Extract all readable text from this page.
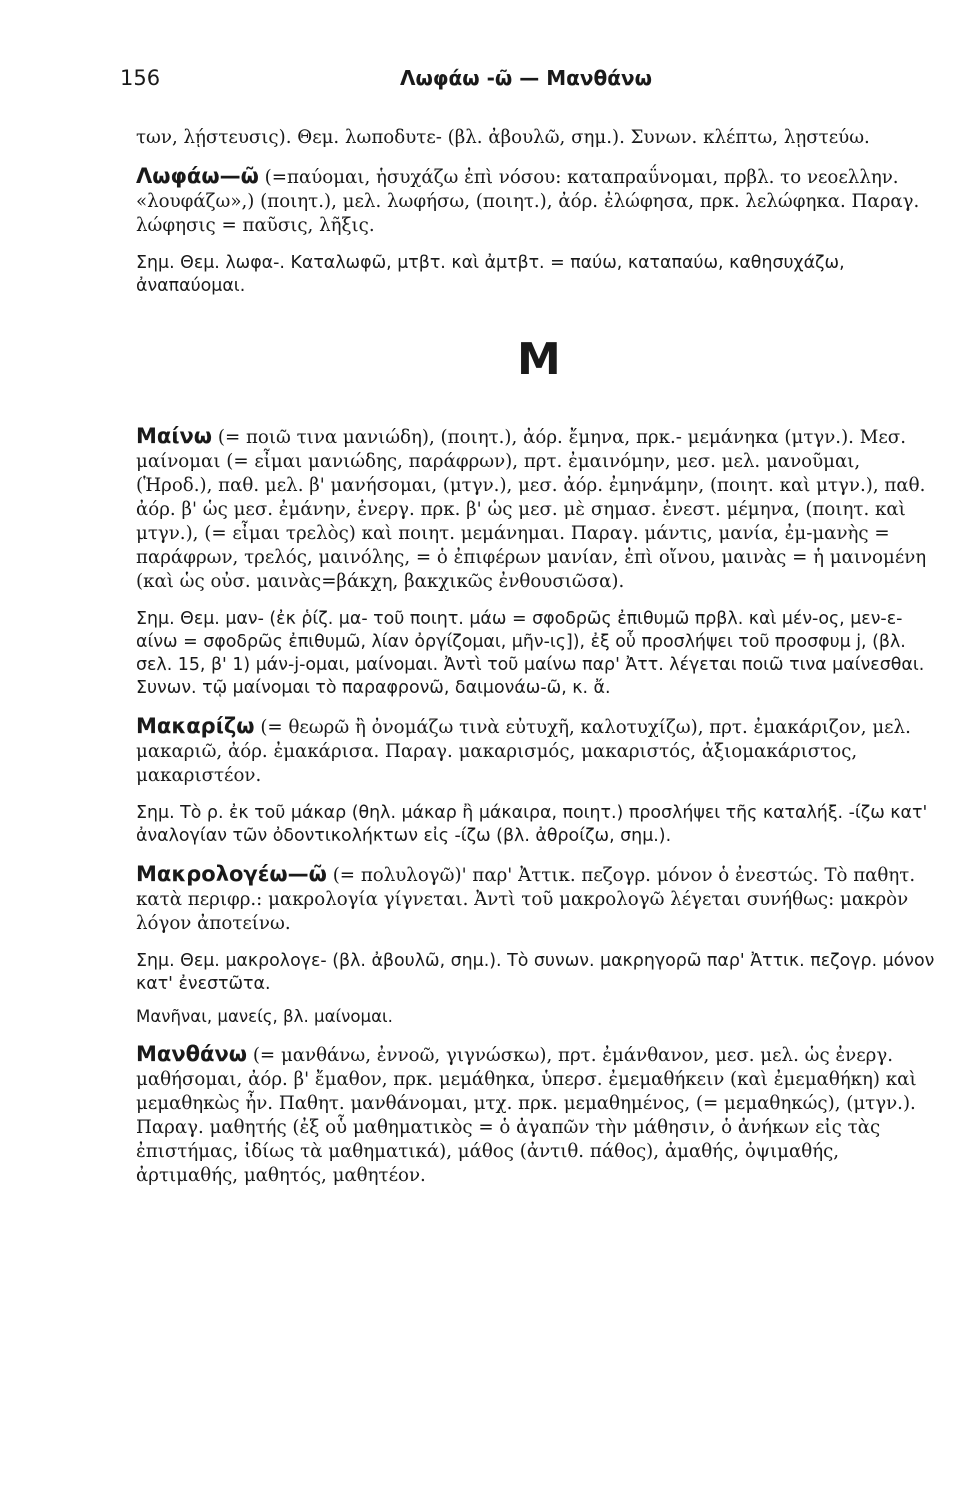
156	Λωφάω -ῶ — Μανθάνω

των, λῄστευσις). Θεμ. λωποδυτε- (βλ. ἀβουλῶ, σημ.). Συνων. κλέπτω, λῃστεύω.

Λωφάω—ῶ (=παύομαι, ἡσυχάζω ἐπὶ νόσου: καταπραΰνομαι, πρβλ. το νεοελλην. «λουφάζω»,) (ποιητ.), μελ. λωφήσω, (ποιητ.), ἀόρ. ἐλώφησα, πρκ. λελώφηκα. Παραγ. λώφησις = παῦσις, λῆξις.

Σημ. Θεμ. λωφα-. Καταλωφῶ, μτβτ. καὶ ἀμτβτ. = παύω, καταπαύω, καθησυχάζω, ἀναπαύομαι.

M

Μαίνω (= ποιῶ τινα μανιώδη), (ποιητ.), ἀόρ. ἔμηνα, πρκ.- μεμάνηκα (μτγν.). Μεσ. μαίνομαι (= εἶμαι μανιώδης, παράφρων), πρτ. ἐμαινόμην, μεσ. μελ. μανοῦμαι, (Ἡροδ.), παθ. μελ. β' μανήσομαι, (μτγν.), μεσ. ἀόρ. ἐμηνάμην, (ποιητ. καὶ μτγν.), παθ. ἀόρ. β' ὡς μεσ. ἐμάνην, ἐνεργ. πρκ. β' ὡς μεσ. μὲ σημασ. ἐνεστ. μέμηνα, (ποιητ. καὶ μτγν.), (= εἶμαι τρελὸς) καὶ ποιητ. μεμάνημαι. Παραγ. μάντις, μανία, ἐμ-μανὴς = παράφρων, τρελός, μαινόλης, = ὁ ἐπιφέρων μανίαν, ἐπὶ οἴνου, μαινὰς = ἡ μαινομένη (καὶ ὡς οὐσ. μαινὰς=βάκχη, βακχικῶς ἐνθουσιῶσα).

Σημ. Θεμ. μαν- (ἐκ ῥίζ. μα- τοῦ ποιητ. μάω = σφοδρῶς ἐπιθυμῶ πρβλ. καὶ μέν-ος, μεν-ε-αίνω = σφοδρῶς ἐπιθυμῶ, λίαν ὀργίζομαι, μῆν-ις]), ἐξ οὗ προσλήψει τοῦ προσφυμ j, (βλ. σελ. 15, β' 1) μάν-j-ομαι, μαίνομαι. Ἀντὶ τοῦ μαίνω παρ' Ἀττ. λέγεται ποιῶ τινα μαίνεσθαι. Συνων. τῷ μαίνομαι τὸ παραφρονῶ, δαιμονάω-ῶ, κ. ἄ.

Μακαρίζω (= θεωρῶ ἢ ὀνομάζω τινὰ εὐτυχῆ, καλοτυχίζω), πρτ. ἐμακάριζον, μελ. μακαριῶ, ἀόρ. ἐμακάρισα. Παραγ. μακαρισμός, μακαριστός, ἀξιομακάριστος, μακαριστέον.

Σημ. Τὸ ρ. ἐκ τοῦ μάκαρ (θηλ. μάκαρ ἢ μάκαιρα, ποιητ.) προσλήψει τῆς καταλήξ. -ίζω κατ' ἀναλογίαν τῶν ὀδοντικολήκτων εἰς -ίζω (βλ. ἀθροίζω, σημ.).

Μακρολογέω—ῶ (= πολυλογῶ)' παρ' Ἀττικ. πεζογρ. μόνον ὁ ἐνεστώς. Τὸ παθητ. κατὰ περιφρ.: μακρολογία γίγνεται. Ἀντὶ τοῦ μακρολογῶ λέγεται συνήθως: μακρὸν λόγον ἀποτείνω.

Σημ. Θεμ. μακρολογε- (βλ. ἀβουλῶ, σημ.). Τὸ συνων. μακρηγορῶ παρ' Ἀττικ. πεζογρ. μόνον κατ' ἐνεστῶτα.

Μανῆναι, μανείς, βλ. μαίνομαι.

Μανθάνω (= μανθάνω, ἐννοῶ, γιγνώσκω), πρτ. ἐμάνθανον, μεσ. μελ. ὡς ἐνεργ. μαθήσομαι, ἀόρ. β' ἔμαθον, πρκ. μεμάθηκα, ὑπερσ. ἐμεμαθήκειν (καὶ ἐμεμαθήκη) καὶ μεμαθηκὼς ἦν. Παθητ. μανθάνομαι, μτχ. πρκ. μεμαθημένος, (= μεμαθηκώς), (μτγν.). Παραγ. μαθητής (ἐξ οὗ μαθηματικὸς = ὁ ἀγαπῶν τὴν μάθησιν, ὁ ἀνήκων εἰς τὰς ἐπιστήμας, ἰδίως τὰ μαθηματικά), μάθος (ἀντιθ. πάθος), ἀμαθής, ὀψιμαθής, ἀρτιμαθής, μαθητός, μαθητέον.
